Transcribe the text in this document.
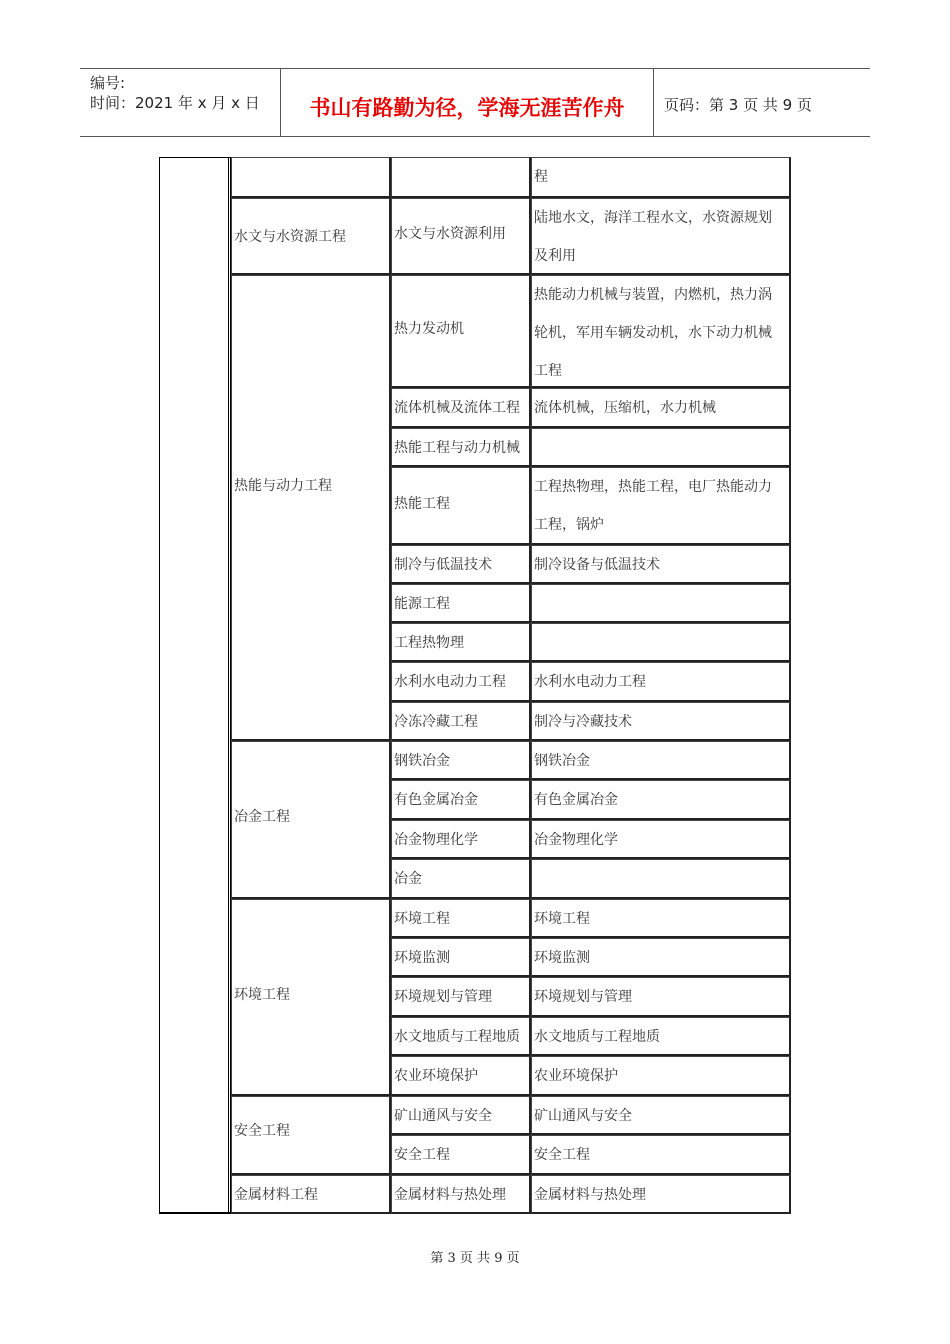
编号:
时间：2021 年 x 月 x 日	书山有路勤为径，学海无涯苦作舟	页码：第 3 页 共 9 页
水文与水资源工程
热能与动力工程
冶金工程
环境工程
安全工程
金属材料工程
水文与水资源利用
热力发动机
流体机械及流体工程
热能工程与动力机械
热能工程
制冷与低温技术
能源工程
工程热物理
水利水电动力工程
冷冻冷藏工程
钢铁冶金
有色金属冶金
冶金物理化学
冶金
环境工程
环境监测
环境规划与管理
水文地质与工程地质
农业环境保护
矿山通风与安全
安全工程
金属材料与热处理
程
陆地水文，海洋工程水文，水资源规划
及利用
热能动力机械与装置，内燃机，热力涡
轮机，军用车辆发动机，水下动力机械
工程
流体机械，压缩机，水力机械
工程热物理，热能工程，电厂热能动力
工程，锅炉
制冷设备与低温技术
水利水电动力工程
制冷与冷藏技术
钢铁冶金
有色金属冶金
冶金物理化学
环境工程
环境监测
环境规划与管理
水文地质与工程地质
农业环境保护
矿山通风与安全
安全工程
金属材料与热处理
第 3 页 共 9 页
